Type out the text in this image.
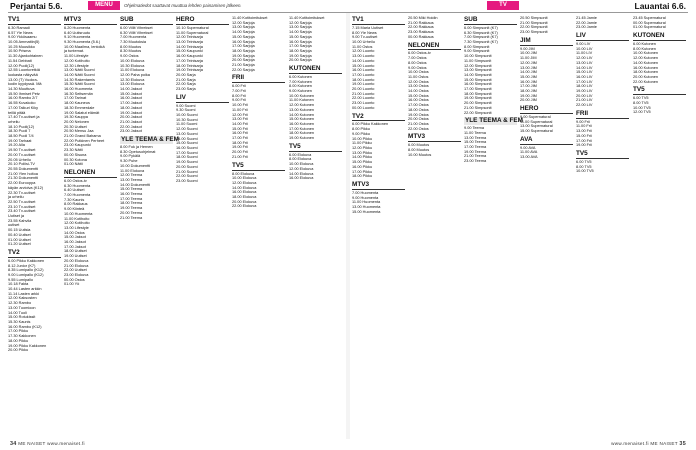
Perjantai 5.6.	MENU	Ohjelmatiedot saattavat muuttua lehden painamisen jälkeen.	TV	Lauantai 6.6.
TV1
6.30 Ramadi
6.57 Yle News
9.00 Ykkösaamu
10.05 Ammattin(5)
10.25 Muusikko
10.50 Prisma
11.30 Ajankohtainen
11.54 Debbati
12.00 Puoli(12)
12.55 Luontoretkiä
luokasta näkyvää
13.00 (T) Vuokra-
kodin kyydyssä. Mä
14.30 Muuttuva
15.50 Ihmiset Petz
16.00 Rambo 2/7
16.55 Kuvakoko
17.00 Taikuri Kiky
teillä pitää
17.40 Tv-uutiset ja
urheilu
18.10 Puoli(12)
18.30 Puoli 7
18.50 Puoli 7/4
19.00 Tarhaat
19.20 Alla
19.50 Tv-uutiset
20.00 Tv-uutiset
20.05 Urheilu
20.10 Poliisi-TV
20.55 Dokumentti
21.00 Ylen hoitoa
21.30 Dokumentti
22.00 Eurooppa
käyän arvioiva (K12)
22.30 Tv-uutiset
ja urheilu
22.50 Tv-uutiset
23.10 Tv-uutiset
23.40 Tv-uutiset
Uutiset ja
23.55 Kahvila
uutiset
00.15 Uutisia
00.40 Uutiset
01.00 Uutiset
01.20 Uutiset
TV2
6.00 Pikku Kakkonen
8.12 Junior (K7)
8.35 Lumipallo (K12)
9.00 Lumipallo (K12)
9.55 Lumipallo
10.18 Fakta
10.44 Lasten arkkin
11.14 Lasten arkki
12.00 Kaksosten
12.30 Rambo
13.00 Tuomioon
14.00 Tuoli
15.00 Rotukissit
15.30 Kaunis
16.00 Rambo (K12)
17.00 Pikku
17.30 Kakkonen
18.00 Pikku
19.00 Pikku Kakkonen
20.00 Pikku
MTV3
6.20 Huomenta
6.40 Uutisruutu
9.10 Huomenta
9.30 Huomenta (5.6.)
10.00 Maailma, lentoikä
ja tuntemat.
11.00 Lifestyle
12.00 Kotihoito
12.30 Lifestyle
13.00 Nätti Suomi
14.00 Nätti Suomi
14.30 Rakentamis
15.30 Nätti Suomi
16.00 Huomenta
16.30 Seitsemän
17.00 Tarinat
18.00 Kauneus
18.30 Emmerdale
19.00 Salatut elämät
19.30 Kauppa
20.00 Nelonen
20.30 Uutiset
20.50 Mensu Jaa
21.00 Grand Bahama
22.00 Putkinen Perheet
23.00 Kaupunki
23.30 Nätti
00.00 Sisuna
00.30 Kotona
01.00 Nätti
NELONEN
6.00 Ostos-tv
6.30 Huomenta
6.40 Uutiset
7.00 Huomenta
7.30 Kaunis
8.00 Rakkaus
9.00 Kiinteä
10.00 Huomenta
11.00 Kotihoito
12.00 Kotihoito
13.00 Lifestyle
14.00 Ostos
15.00 Jaksot
16.00 Jaksot
17.00 Jaksot
18.00 Uutiset
19.00 Uutiset
20.00 Elokuva
21.00 Elokuva
22.00 Uutiset
23.00 Elokuva
00.00 Ostos
01.00 Yö
SUB
6.00 Villit Vihrekset
6.30 Villit Vihrekset
7.00 Huomenta
7.30 Muutoksia
8.00 Muutos
8.30 Muutos
9.00 Ostos
10.00 Elokuva
10.30 Elokuva
11.00 Elokuva
12.00 Paha poika
12.30 Elokuva
13.00 Elokuva
14.00 Jaksot
15.00 Jaksot
16.00 Jaksot
17.00 Jaksot
18.00 Jaksot
19.00 Jaksot
20.00 Jaksot
21.00 Jaksot
22.00 Jaksot
23.00 Jaksot
YLE TEEMA & FEM
8.00 Fuk ja Hernen
8.30 Opetusohjelmat
9.00 Pykälä
9.30 Puhe
10.00 Dokumentti
11.00 Elokuva
12.00 Teema
13.00 Teema
14.00 Dokumentti
15.00 Teema
16.00 Teema
17.00 Teema
18.00 Teema
19.00 Teema
20.00 Teema
21.00 Teema
HERO
10.10 Supernatural
11.00 Supernatural
12.00 Teinisarja
13.00 Teinisarja
14.00 Teinisarja
15.00 Kaupunki
16.00 Kaupunki
17.00 Teinisarja
18.00 Teinisarja
19.00 Teinisarja
20.00 Sarja
21.00 Sarja
22.00 Sarja
23.00 Sarja
LIV
9.00 Suomi
9.30 Suomi
10.00 Suomi
10.30 Suomi
11.00 Suomi
12.00 Suomi
13.00 Suomi
14.00 Suomi
15.00 Suomi
16.00 Suomi
17.00 Suomi
18.00 Suomi
19.00 Suomi
20.00 Suomi
21.00 Suomi
22.00 Suomi
23.00 Suomi
11.40 Kotitoimitukset
12.00 Sarjoja
13.00 Sarjoja
14.00 Sarjoja
15.00 Sarjoja
16.00 Sarjoja
17.00 Sarjoja
18.00 Sarjoja
19.00 Sarjoja
20.00 Sarjoja
21.00 Sarjoja
22.00 Sarjoja
FRII
6.00 Frii
7.00 Frii
8.00 Frii
9.00 Frii
10.00 Frii
11.00 Frii
12.00 Frii
13.00 Frii
14.00 Frii
15.00 Frii
16.00 Frii
17.00 Frii
18.00 Frii
19.00 Frii
20.00 Frii
21.00 Frii
TV5
8.00 Elokuva
10.00 Elokuva
12.00 Elokuva
14.00 Elokuva
16.00 Elokuva
18.00 Elokuva
20.00 Elokuva
22.00 Elokuva
11.40 Kotitoimitukset
12.00 Sarjoja
13.00 Sarjoja
14.00 Sarjoja
15.00 Sarjoja
16.00 Sarjoja
17.00 Sarjoja
18.00 Sarjoja
19.00 Sarjoja
20.00 Sarjoja
KUTONEN
6.00 Kutonen
7.00 Kutonen
8.00 Kutonen
9.00 Kutonen
10.00 Kutonen
11.00 Kutonen
12.00 Kutonen
13.00 Kutonen
14.00 Kutonen
15.00 Kutonen
16.00 Kutonen
17.00 Kutonen
18.00 Kutonen
19.00 Kutonen
TV5
6.00 Elokuva
8.00 Elokuva
10.00 Elokuva
12.00 Elokuva
14.00 Elokuva
16.00 Elokuva
TV1
7.15 Maria Uutiset
8.00 Yle News
9.00 Tv-uutiset
10.00 Urheilu
11.00 Ostos
12.00 Luonto
13.00 Luonto
14.00 Luonto
15.00 Luonto
16.00 Luonto
17.00 Luonto
18.00 Luonto
19.00 Luonto
20.00 Luonto
21.00 Luonto
22.00 Luonto
23.00 Luonto
00.00 Luonto
TV2
6.00 Pikku Kakkonen
8.00 Pikku
9.00 Pikku
10.00 Pikku
11.00 Pikku
12.00 Pikku
13.00 Pikku
14.00 Pikku
15.00 Pikku
16.00 Pikku
17.00 Pikku
18.00 Pikku
MTV3
7.00 Huomenta
9.00 Huomenta
11.00 Huomenta
13.00 Huomenta
15.00 Huomenta
20.50 Miki Hoidin
21.00 Rakkaus
22.00 Rakkaus
23.00 Rakkaus
00.00 Rakkaus
NELONEN
6.00 Ostos-tv
7.00 Ostos
8.00 Ostos
9.00 Ostos
10.00 Ostos
11.00 Ostos
12.00 Ostos
13.00 Ostos
14.00 Ostos
15.00 Ostos
16.00 Ostos
17.00 Ostos
18.00 Ostos
19.00 Ostos
20.00 Ostos
21.00 Ostos
22.00 Ostos
MTV3
6.00 Muutos
8.00 Muutos
10.00 Muutos
SUB
6.00 Simpsonit (K7)
6.30 Simpsonit (K7)
7.00 Simpsonit (K7)
7.30 Simpsonit (K7)
8.00 Simpsonit
9.00 Simpsonit
10.00 Simpsonit
11.00 Simpsonit
12.00 Simpsonit
13.00 Simpsonit
14.00 Simpsonit
15.00 Simpsonit
16.00 Simpsonit
17.00 Simpsonit
18.00 Simpsonit
19.00 Simpsonit
20.00 Simpsonit
21.00 Simpsonit
22.00 Simpsonit
YLE TEEMA & FEM
9.00 Teema
11.00 Teema
13.00 Teema
15.00 Teema
17.00 Teema
19.00 Teema
21.00 Teema
23.00 Teema
20.50 Simpsonit
21.00 Simpsonit
22.00 Simpsonit
23.00 Simpsonit
JIM
9.00 JIM
10.00 JIM
11.00 JIM
12.00 JIM
13.00 JIM
14.00 JIM
15.00 JIM
16.00 JIM
17.00 JIM
18.00 JIM
19.00 JIM
20.00 JIM
HERO
9.00 Supernatural
11.00 Supernatural
13.00 Supernatural
15.00 Supernatural
AVA
9.00 AVA
11.00 AVA
13.00 AVA
21.45 Jamie
22.00 Jamie
23.00 Jamie
LIV
9.00 LIV
10.00 LIV
11.00 LIV
12.00 LIV
13.00 LIV
14.00 LIV
15.00 LIV
16.00 LIV
17.00 LIV
18.00 LIV
19.00 LIV
20.00 LIV
21.00 LIV
22.00 LIV
FRII
9.00 Frii
11.00 Frii
13.00 Frii
15.00 Frii
17.00 Frii
19.00 Frii
TV5
6.00 TV5
8.00 TV5
10.00 TV5
23.45 Supernatural
00.00 Supernatural
01.00 Supernatural
KUTONEN
6.00 Kutonen
8.00 Kutonen
10.00 Kutonen
12.00 Kutonen
14.00 Kutonen
16.00 Kutonen
18.00 Kutonen
20.00 Kutonen
22.00 Kutonen
TV5
6.00 TV5
8.00 TV5
10.00 TV5
12.00 TV5
34 ME NAISET www.menaiset.fi	www.menaiset.fi ME NAISET 35
